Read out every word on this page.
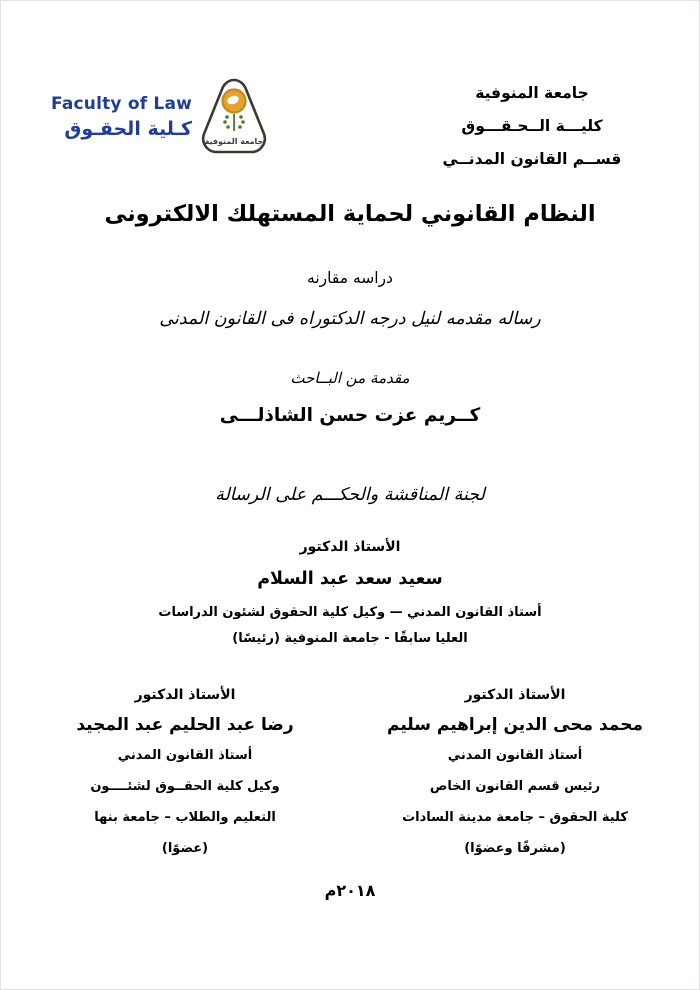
Faculty of Law
كـلية الحقـوق
جامعة المنوفية
جامعة المنوفية
كليـــة الــحـقـــوق
قســم القانون المدنــي
النظام القانوني لحماية المستهلك الالكترونى
دراسه مقارنه
رساله مقدمه لنيل درجه الدكتوراه فى القانون المدنى
مقدمة من البــاحث
كــريم عزت حسن الشاذلـــى
لجنة المناقشة والحكـــم على الرسالة
الأستاذ الدكتور
سعيد سعد عبد السلام
أستاذ القانون المدني — وكيل كلية الحقوق لشئون الدراسات
العليا سابقًا - جامعة المنوفية (رئيسًا)
الأستاذ الدكتور
رضا عبد الحليم عبد المجيد
أستاذ القانون المدني
وكيل كلية الحقــوق لشئــــون
التعليم والطلاب – جامعة بنها
(عضوًا)
الأستاذ الدكتور
محمد محى الدين إبراهيم سليم
أستاذ القانون المدني
رئيس قسم القانون الخاص
كلية الحقوق – جامعة مدينة السادات
(مشرفًا وعضوًا)
٢٠١٨م
